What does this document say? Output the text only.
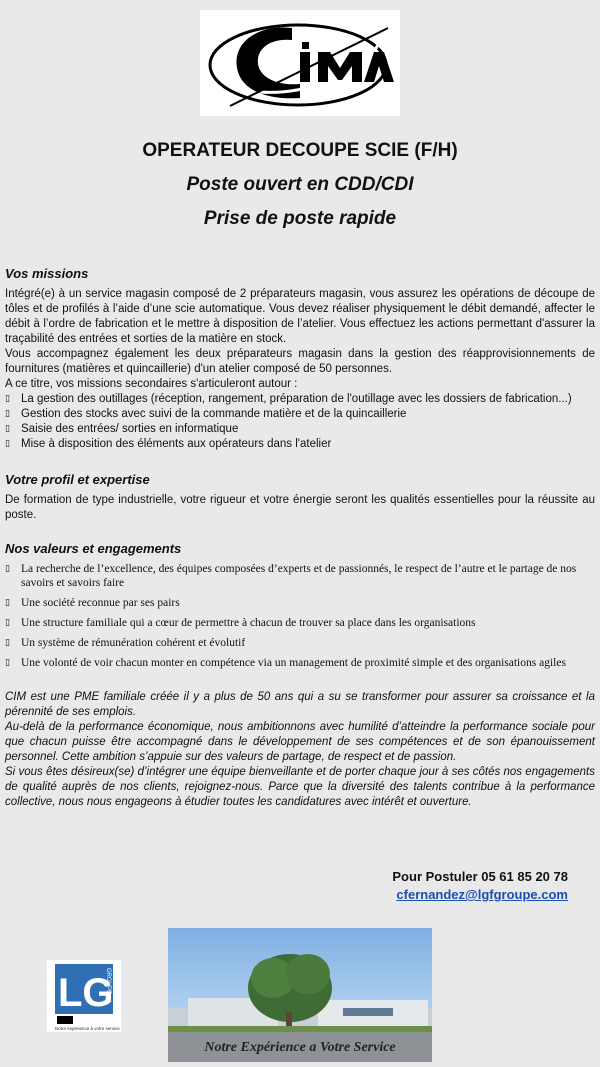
OPERATEUR DECOUPE SCIE (F/H)

Poste ouvert en CDD/CDI

Prise de poste rapide

Vos missions

Intégré(e) à un service magasin composé de 2 préparateurs magasin, vous assurez les opérations de découpe de tôles et de profilés à l’aide d’une scie automatique. Vous devez réaliser physiquement le débit demandé, affecter le débit à l’ordre de fabrication et le mettre à disposition de l’atelier. Vous effectuez les actions permettant d'assurer la traçabilité des entrées et sorties de la matière en stock.

Vous accompagnez également les deux préparateurs magasin dans la gestion des réapprovisionnements de fournitures (matières et quincaillerie) d'un atelier composé de 50 personnes.

A ce titre, vos missions secondaires s'articuleront autour :

▯ La gestion des outillages (réception, rangement, préparation de l'outillage avec les dossiers de fabrication...)
▯ Gestion des stocks avec suivi de la commande matière et de la quincaillerie
▯ Saisie des entrées/ sorties en informatique
▯ Mise à disposition des éléments aux opérateurs dans l'atelier

Votre profil et expertise

De formation de type industrielle, votre rigueur et votre énergie seront les qualités essentielles pour la réussite au poste.

Nos valeurs et engagements

▯ La recherche de l’excellence, des équipes composées d’experts et de passionnés, le respect de l’autre et le partage de nos savoirs et savoirs faire
▯ Une société reconnue par ses pairs
▯ Une structure familiale qui a cœur de permettre à chacun de trouver sa place dans les organisations
▯ Un système de rémunération cohérent et évolutif
▯ Une volonté de voir chacun monter en compétence via un management de proximité simple et des organisations agiles

CIM est une PME familiale créée il y a plus de 50 ans qui a su se transformer pour assurer sa croissance et la pérennité de ses emplois.

Au-delà de la performance économique, nous ambitionnons avec humilité d’atteindre la performance sociale pour que chacun puisse être accompagné dans le développement de ses compétences et de son épanouissement personnel. Cette ambition s’appuie sur des valeurs de partage, de respect et de passion.

Si vous êtes désireux(se) d’intégrer une équipe bienveillante et de porter chaque jour à ses côtés nos engagements de qualité auprès de nos clients, rejoignez-nous. Parce que la diversité des talents contribue à la performance collective, nous nous engageons à étudier toutes les candidatures avec intérêt et ouverture.

Pour Postuler 05 61 85 20 78
cfernandez@lgfgroupe.com
LG
GROUPE
Notre expérience à votre service
Notre Expérience a Votre Service
